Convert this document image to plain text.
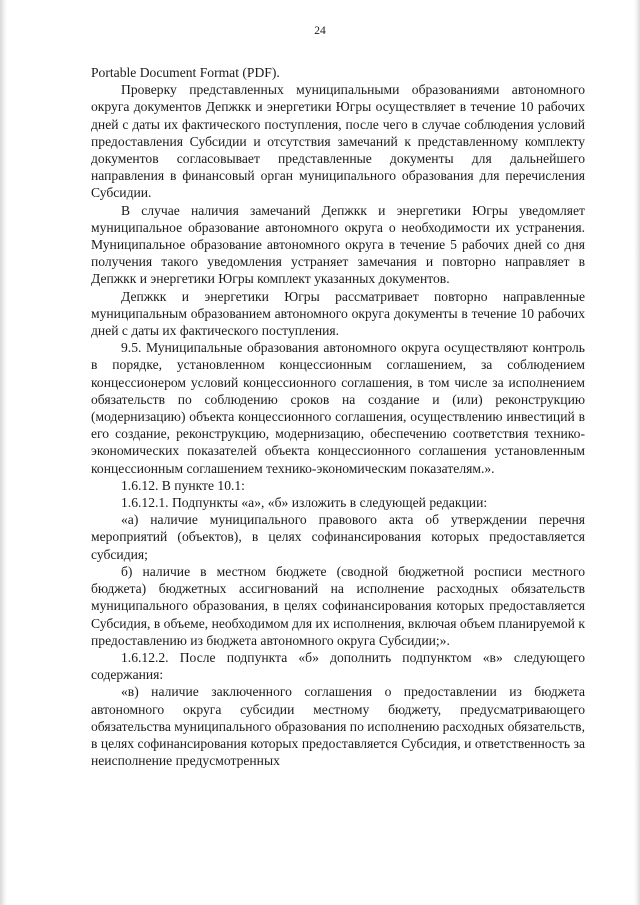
24

Portable Document Format (PDF).

Проверку представленных муниципальными образованиями автономного округа документов Депжкк и энергетики Югры осуществляет в течение 10 рабочих дней с даты их фактического поступления, после чего в случае соблюдения условий предоставления Субсидии и отсутствия замечаний к представленному комплекту документов согласовывает представленные документы для дальнейшего направления в финансовый орган муниципального образования для перечисления Субсидии.

В случае наличия замечаний Депжкк и энергетики Югры уведомляет муниципальное образование автономного округа о необходимости их устранения. Муниципальное образование автономного округа в течение 5 рабочих дней со дня получения такого уведомления устраняет замечания и повторно направляет в Депжкк и энергетики Югры комплект указанных документов.

Депжкк и энергетики Югры рассматривает повторно направленные муниципальным образованием автономного округа документы в течение 10 рабочих дней с даты их фактического поступления.

9.5. Муниципальные образования автономного округа осуществляют контроль в порядке, установленном концессионным соглашением, за соблюдением концессионером условий концессионного соглашения, в том числе за исполнением обязательств по соблюдению сроков на создание и (или) реконструкцию (модернизацию) объекта концессионного соглашения, осуществлению инвестиций в его создание, реконструкцию, модернизацию, обеспечению соответствия технико-экономических показателей объекта концессионного соглашения установленным концессионным соглашением технико-экономическим показателям.».

1.6.12. В пункте 10.1:

1.6.12.1. Подпункты «а», «б» изложить в следующей редакции:

«а) наличие муниципального правового акта об утверждении перечня мероприятий (объектов), в целях софинансирования которых предоставляется субсидия;

б) наличие в местном бюджете (сводной бюджетной росписи местного бюджета) бюджетных ассигнований на исполнение расходных обязательств муниципального образования, в целях софинансирования которых предоставляется Субсидия, в объеме, необходимом для их исполнения, включая объем планируемой к предоставлению из бюджета автономного округа Субсидии;».

1.6.12.2. После подпункта «б» дополнить подпунктом «в» следующего содержания:

«в) наличие заключенного соглашения о предоставлении из бюджета автономного округа субсидии местному бюджету, предусматривающего обязательства муниципального образования по исполнению расходных обязательств, в целях софинансирования которых предоставляется Субсидия, и ответственность за неисполнение предусмотренных
